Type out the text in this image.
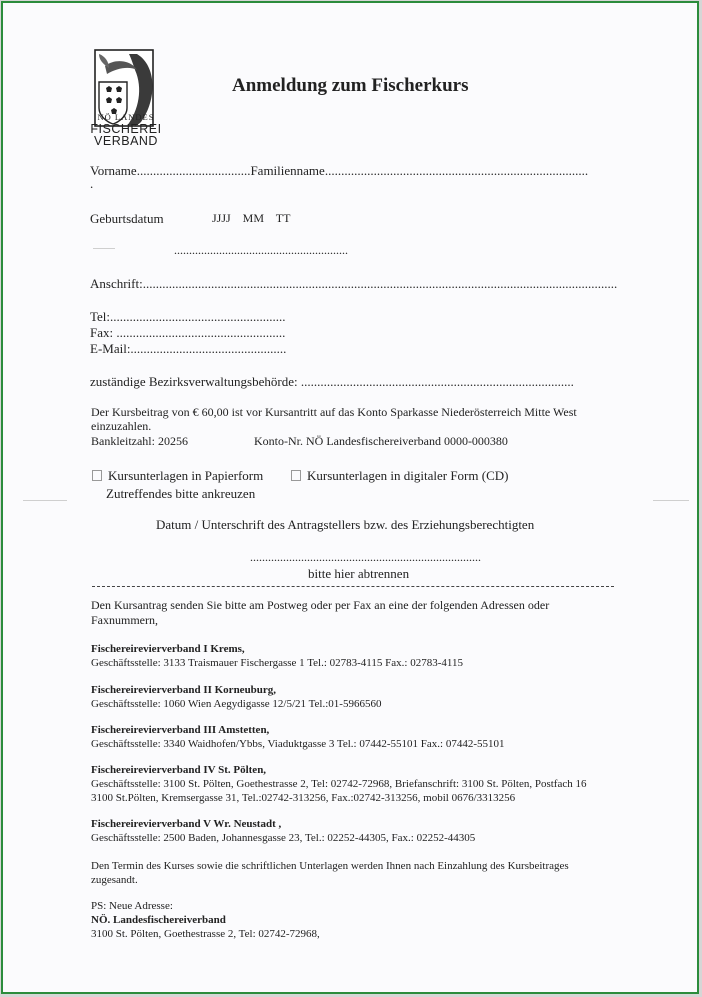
NÖ LANDES
FISCHEREI
VERBAND
Anmeldung zum Fischerkurs
Vorname...................................Familienname.................................................................................
.
Geburtsdatum	JJJJ    MM    TT
..........................................................
Anschrift:..................................................................................................................................................
Tel:......................................................
Fax: ....................................................
E-Mail:................................................
zuständige Bezirksverwaltungsbehörde: ....................................................................................
Der Kursbeitrag von € 60,00 ist vor Kursantritt auf das Konto Sparkasse Niederösterreich Mitte West
einzuzahlen.
Bankleitzahl: 20256	Konto-Nr. NÖ Landesfischereiverband 0000-000380
Kursunterlagen in Papierform	Kursunterlagen in digitaler Form (CD)
Zutreffendes bitte ankreuzen
Datum / Unterschrift des Antragstellers bzw. des Erziehungsberechtigten
.............................................................................
bitte hier abtrennen
Den Kursantrag senden Sie bitte am Postweg oder per Fax an eine der folgenden Adressen oder
Faxnummern,
Fischereirevierverband I Krems,
Geschäftsstelle: 3133 Traismauer Fischergasse 1 Tel.: 02783-4115 Fax.: 02783-4115
Fischereirevierverband II Korneuburg,
Geschäftsstelle: 1060 Wien Aegydigasse 12/5/21 Tel.:01-5966560
Fischereirevierverband III Amstetten,
Geschäftsstelle: 3340 Waidhofen/Ybbs, Viaduktgasse 3 Tel.: 07442-55101 Fax.: 07442-55101
Fischereirevierverband IV St. Pölten,
Geschäftsstelle: 3100 St. Pölten, Goethestrasse 2, Tel: 02742-72968, Briefanschrift: 3100 St. Pölten, Postfach 16
3100 St.Pölten, Kremsergasse 31, Tel.:02742-313256, Fax.:02742-313256, mobil 0676/3313256
Fischereirevierverband V Wr. Neustadt ,
Geschäftsstelle: 2500 Baden, Johannesgasse 23, Tel.: 02252-44305, Fax.: 02252-44305
Den Termin des Kurses sowie die schriftlichen Unterlagen werden Ihnen nach Einzahlung des Kursbeitrages
zugesandt.
PS: Neue Adresse:
NÖ. Landesfischereiverband
3100 St. Pölten, Goethestrasse 2, Tel: 02742-72968,
